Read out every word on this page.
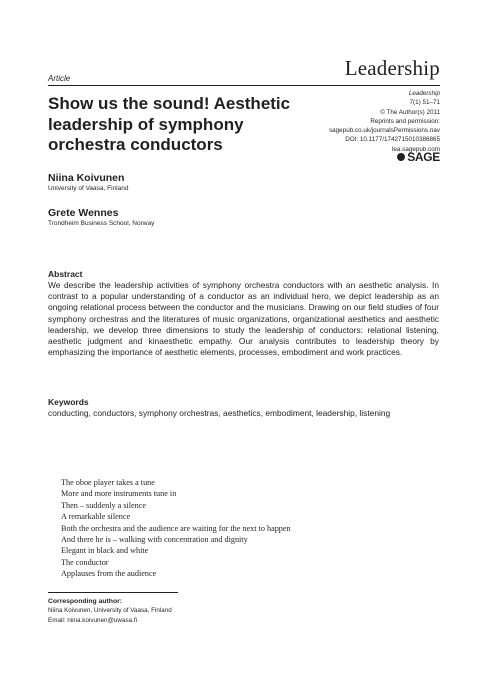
Article	Leadership
Leadership
7(1) 51–71
© The Author(s) 2011
Reprints and permission:
sagepub.co.uk/journalsPermissions.nav
DOI: 10.1177/1742715010386865
lea.sagepub.com
SAGE
Show us the sound! Aesthetic leadership of symphony orchestra conductors
Niina Koivunen
University of Vaasa, Finland
Grete Wennes
Trondheim Business School, Norway
Abstract
We describe the leadership activities of symphony orchestra conductors with an aesthetic analysis. In contrast to a popular understanding of a conductor as an individual hero, we depict leadership as an ongoing relational process between the conductor and the musicians. Drawing on our field studies of four symphony orchestras and the literatures of music organizations, organizational aesthetics and aesthetic leadership, we develop three dimensions to study the leadership of conductors: relational listening, aesthetic judgment and kinaesthetic empathy. Our analysis contributes to leadership theory by emphasizing the importance of aesthetic elements, processes, embodiment and work practices.
Keywords
conducting, conductors, symphony orchestras, aesthetics, embodiment, leadership, listening
The oboe player takes a tune
More and more instruments tune in
Then – suddenly a silence
A remarkable silence
Both the orchestra and the audience are waiting for the next to happen
And there he is – walking with concentration and dignity
Elegant in black and white
The conductor
Applauses from the audience
Corresponding author:
Niina Koivunen, University of Vaasa, Finland
Email: niina.koivunen@uwasa.fi
